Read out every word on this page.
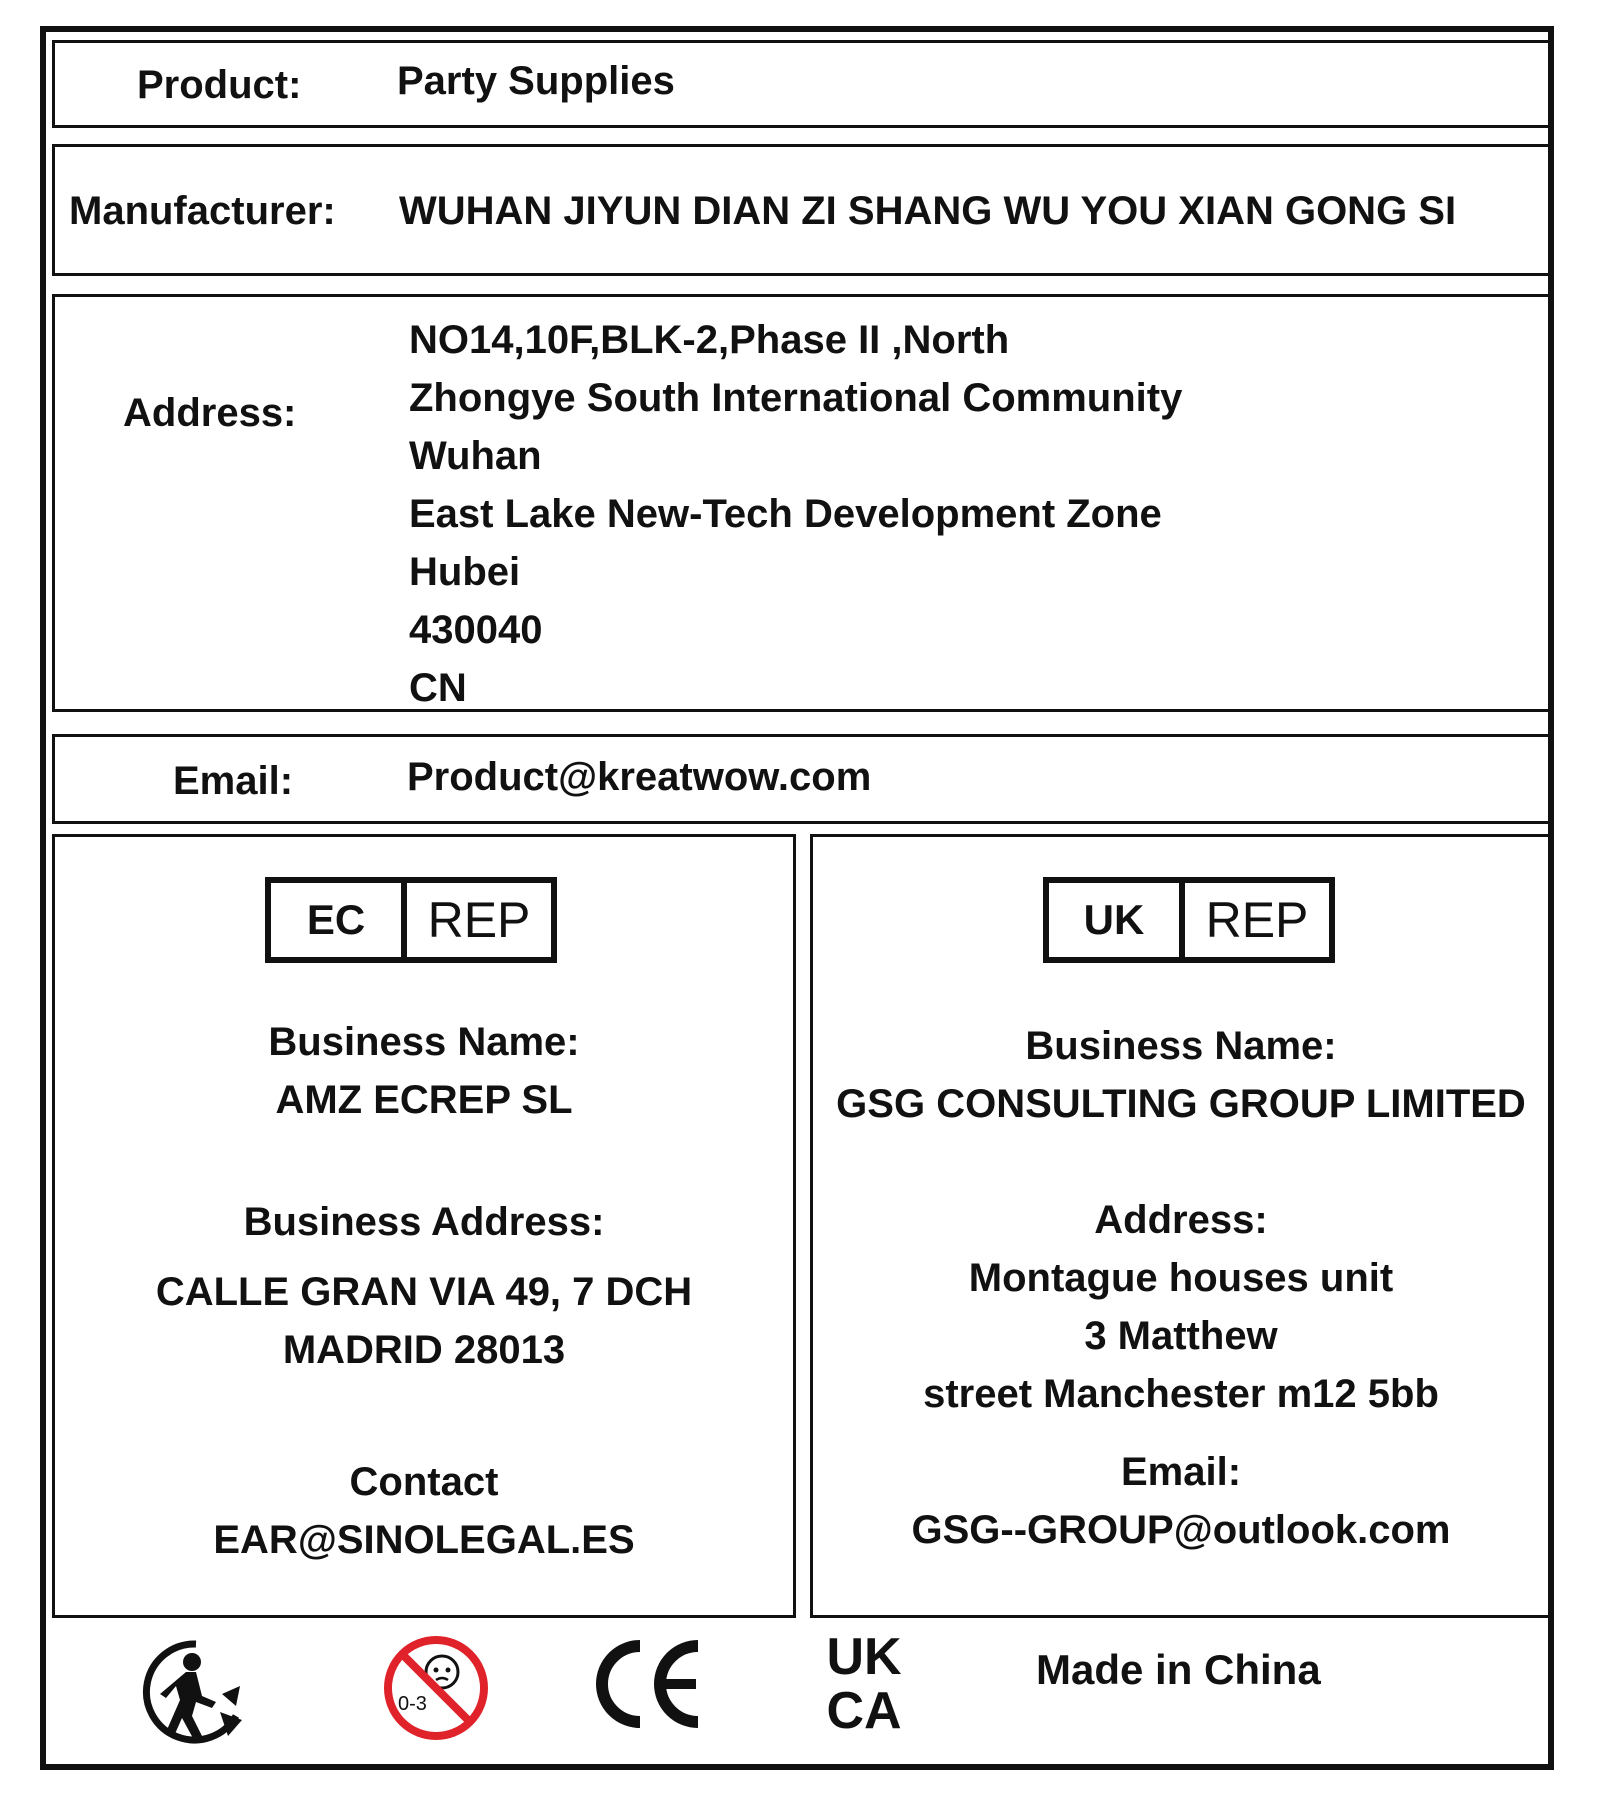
Product: Party Supplies
Manufacturer: WUHAN JIYUN DIAN ZI SHANG WU YOU XIAN GONG SI
Address:
NO14,10F,BLK-2,Phase II ,North
Zhongye South International Community
Wuhan
East Lake New-Tech Development Zone
Hubei
430040
CN
Email:	Product@kreatwow.com
EC	REP
Business Name:
AMZ ECREP SL
Business Address:
CALLE GRAN VIA 49, 7 DCH
MADRID 28013
Contact
EAR@SINOLEGAL.ES
UK	REP
Business Name:
GSG CONSULTING GROUP LIMITED
Address:
Montague houses unit
3 Matthew
street Manchester m12 5bb
Email:
GSG--GROUP@outlook.com
0-3
UK
CA
Made in China
